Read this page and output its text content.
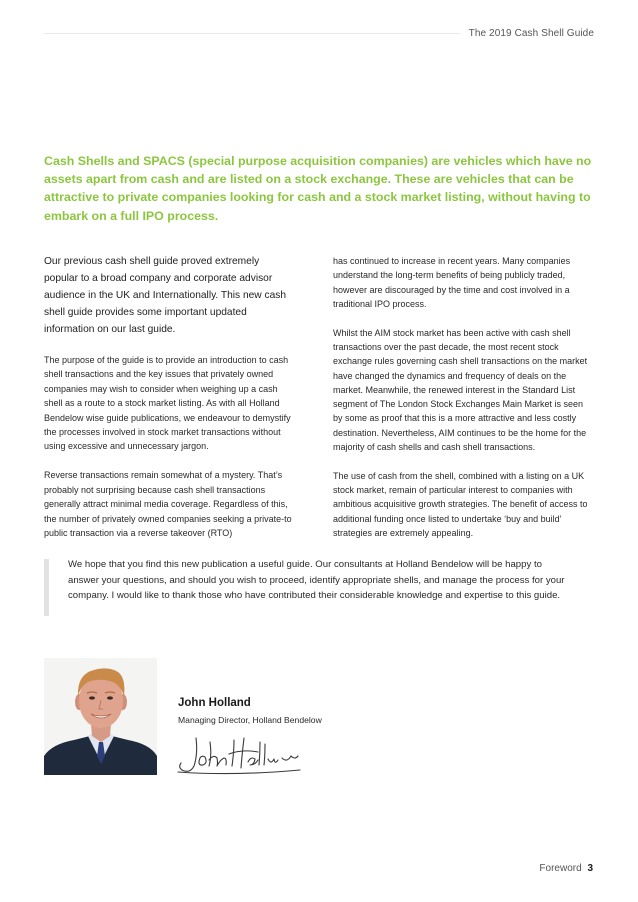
The 2019 Cash Shell Guide

Cash Shells and SPACS (special purpose acquisition companies) are vehicles which have no assets apart from cash and are listed on a stock exchange. These are vehicles that can be attractive to private companies looking for cash and a stock market listing, without having to embark on a full IPO process.

Our previous cash shell guide proved extremely popular to a broad company and corporate advisor audience in the UK and Internationally. This new cash shell guide provides some important updated information on our last guide.

The purpose of the guide is to provide an introduction to cash shell transactions and the key issues that privately owned companies may wish to consider when weighing up a cash shell as a route to a stock market listing. As with all Holland Bendelow wise guide publications, we endeavour to demystify the processes involved in stock market transactions without using excessive and unnecessary jargon.

Reverse transactions remain somewhat of a mystery. That’s probably not surprising because cash shell transactions generally attract minimal media coverage. Regardless of this, the number of privately owned companies seeking a private-to public transaction via a reverse takeover (RTO)

has continued to increase in recent years. Many companies understand the long-term benefits of being publicly traded, however are discouraged by the time and cost involved in a traditional IPO process.

Whilst the AIM stock market has been active with cash shell transactions over the past decade, the most recent stock exchange rules governing cash shell transactions on the market have changed the dynamics and frequency of deals on the market. Meanwhile, the renewed interest in the Standard List segment of The London Stock Exchanges Main Market is seen by some as proof that this is a more attractive and less costly destination. Nevertheless, AIM continues to be the home for the majority of cash shells and cash shell transactions.

The use of cash from the shell, combined with a listing on a UK stock market, remain of particular interest to companies with ambitious acquisitive growth strategies. The benefit of access to additional funding once listed to undertake ‘buy and build’ strategies are extremely appealing.

We hope that you find this new publication a useful guide. Our consultants at Holland Bendelow will be happy to answer your questions, and should you wish to proceed, identify appropriate shells, and manage the process for your company. I would like to thank those who have contributed their considerable knowledge and expertise to this guide.

John Holland
Managing Director, Holland Bendelow
Foreword 3
